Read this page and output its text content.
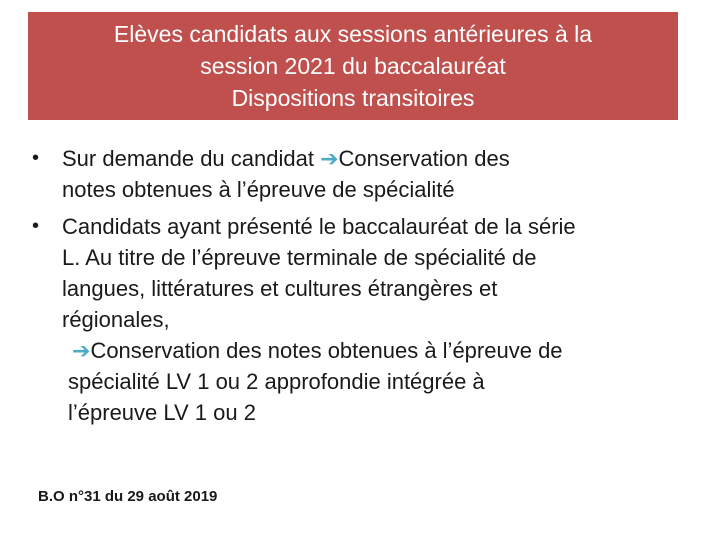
Elèves candidats aux sessions antérieures à la
session 2021 du baccalauréat
Dispositions transitoires
• Sur demande du candidat ➔Conservation des
notes obtenues à l’épreuve de spécialité
• Candidats ayant présenté le baccalauréat de la série
L. Au titre de l’épreuve terminale de spécialité de
langues, littératures et cultures étrangères et
régionales,
➔Conservation des notes obtenues à l’épreuve de
spécialité LV 1 ou 2 approfondie intégrée à
l’épreuve LV 1 ou 2
B.O n°31 du 29 août 2019
